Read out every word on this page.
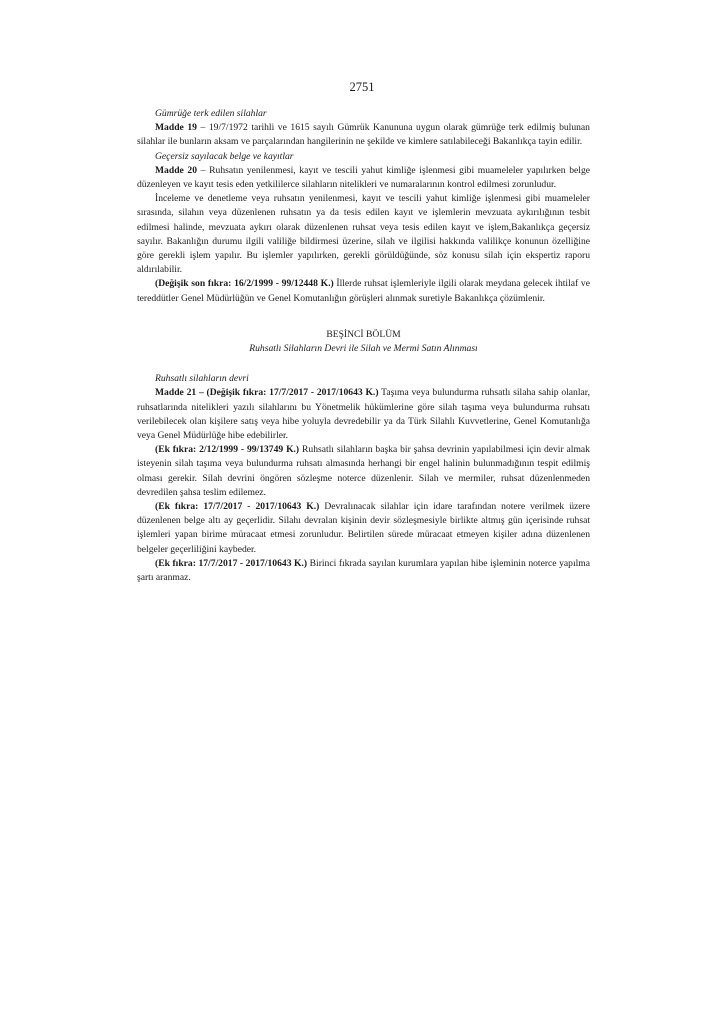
2751

Gümrüğe terk edilen silahlar

Madde 19 – 19/7/1972 tarihli ve 1615 sayılı Gümrük Kanununa uygun olarak gümrüğe terk edilmiş bulunan silahlar ile bunların aksam ve parçalarından hangilerinin ne şekilde ve kimlere satılabileceği Bakanlıkça tayin edilir.

Geçersiz sayılacak belge ve kayıtlar

Madde 20 – Ruhsatın yenilenmesi, kayıt ve tescili yahut kimliğe işlenmesi gibi muameleler yapılırken belge düzenleyen ve kayıt tesis eden yetkililerce silahların nitelikleri ve numaralarının kontrol edilmesi zorunludur.

İnceleme ve denetleme veya ruhsatın yenilenmesi, kayıt ve tescili yahut kimliğe işlenmesi gibi muameleler sırasında, silahın veya düzenlenen ruhsatın ya da tesis edilen kayıt ve işlemlerin mevzuata aykırılığının tesbit edilmesi halinde, mevzuata aykırı olarak düzenlenen ruhsat veya tesis edilen kayıt ve işlem,Bakanlıkça geçersiz sayılır. Bakanlığın durumu ilgili valiliğe bildirmesi üzerine, silah ve ilgilisi hakkında valilikçe konunun özelliğine göre gerekli işlem yapılır. Bu işlemler yapılırken, gerekli görüldüğünde, söz konusu silah için ekspertiz raporu aldırılabilir.

(Değişik son fıkra: 16/2/1999 - 99/12448 K.) İllerde ruhsat işlemleriyle ilgili olarak meydana gelecek ihtilaf ve tereddütler Genel Müdürlüğün ve Genel Komutanlığın görüşleri alınmak suretiyle Bakanlıkça çözümlenir.

BEŞİNCİ BÖLÜM

Ruhsatlı Silahların Devri ile Silah ve Mermi Satın Alınması

Ruhsatlı silahların devri

Madde 21 – (Değişik fıkra: 17/7/2017 - 2017/10643 K.) Taşıma veya bulundurma ruhsatlı silaha sahip olanlar, ruhsatlarında nitelikleri yazılı silahlarını bu Yönetmelik hükümlerine göre silah taşıma veya bulundurma ruhsatı verilebilecek olan kişilere satış veya hibe yoluyla devredebilir ya da Türk Silahlı Kuvvetlerine, Genel Komutanlığa veya Genel Müdürlüğe hibe edebilirler.

(Ek fıkra: 2/12/1999 - 99/13749 K.) Ruhsatlı silahların başka bir şahsa devrinin yapılabilmesi için devir almak isteyenin silah taşıma veya bulundurma ruhsatı almasında herhangi bir engel halinin bulunmadığının tespit edilmiş olması gerekir. Silah devrini öngören sözleşme noterce düzenlenir. Silah ve mermiler, ruhsat düzenlenmeden devredilen şahsa teslim edilemez.

(Ek fıkra: 17/7/2017 - 2017/10643 K.) Devralınacak silahlar için idare tarafından notere verilmek üzere düzenlenen belge altı ay geçerlidir. Silahı devralan kişinin devir sözleşmesiyle birlikte altmış gün içerisinde ruhsat işlemleri yapan birime müracaat etmesi zorunludur. Belirtilen sürede müracaat etmeyen kişiler adına düzenlenen belgeler geçerliliğini kaybeder.

(Ek fıkra: 17/7/2017 - 2017/10643 K.) Birinci fıkrada sayılan kurumlara yapılan hibe işleminin noterce yapılma şartı aranmaz.
